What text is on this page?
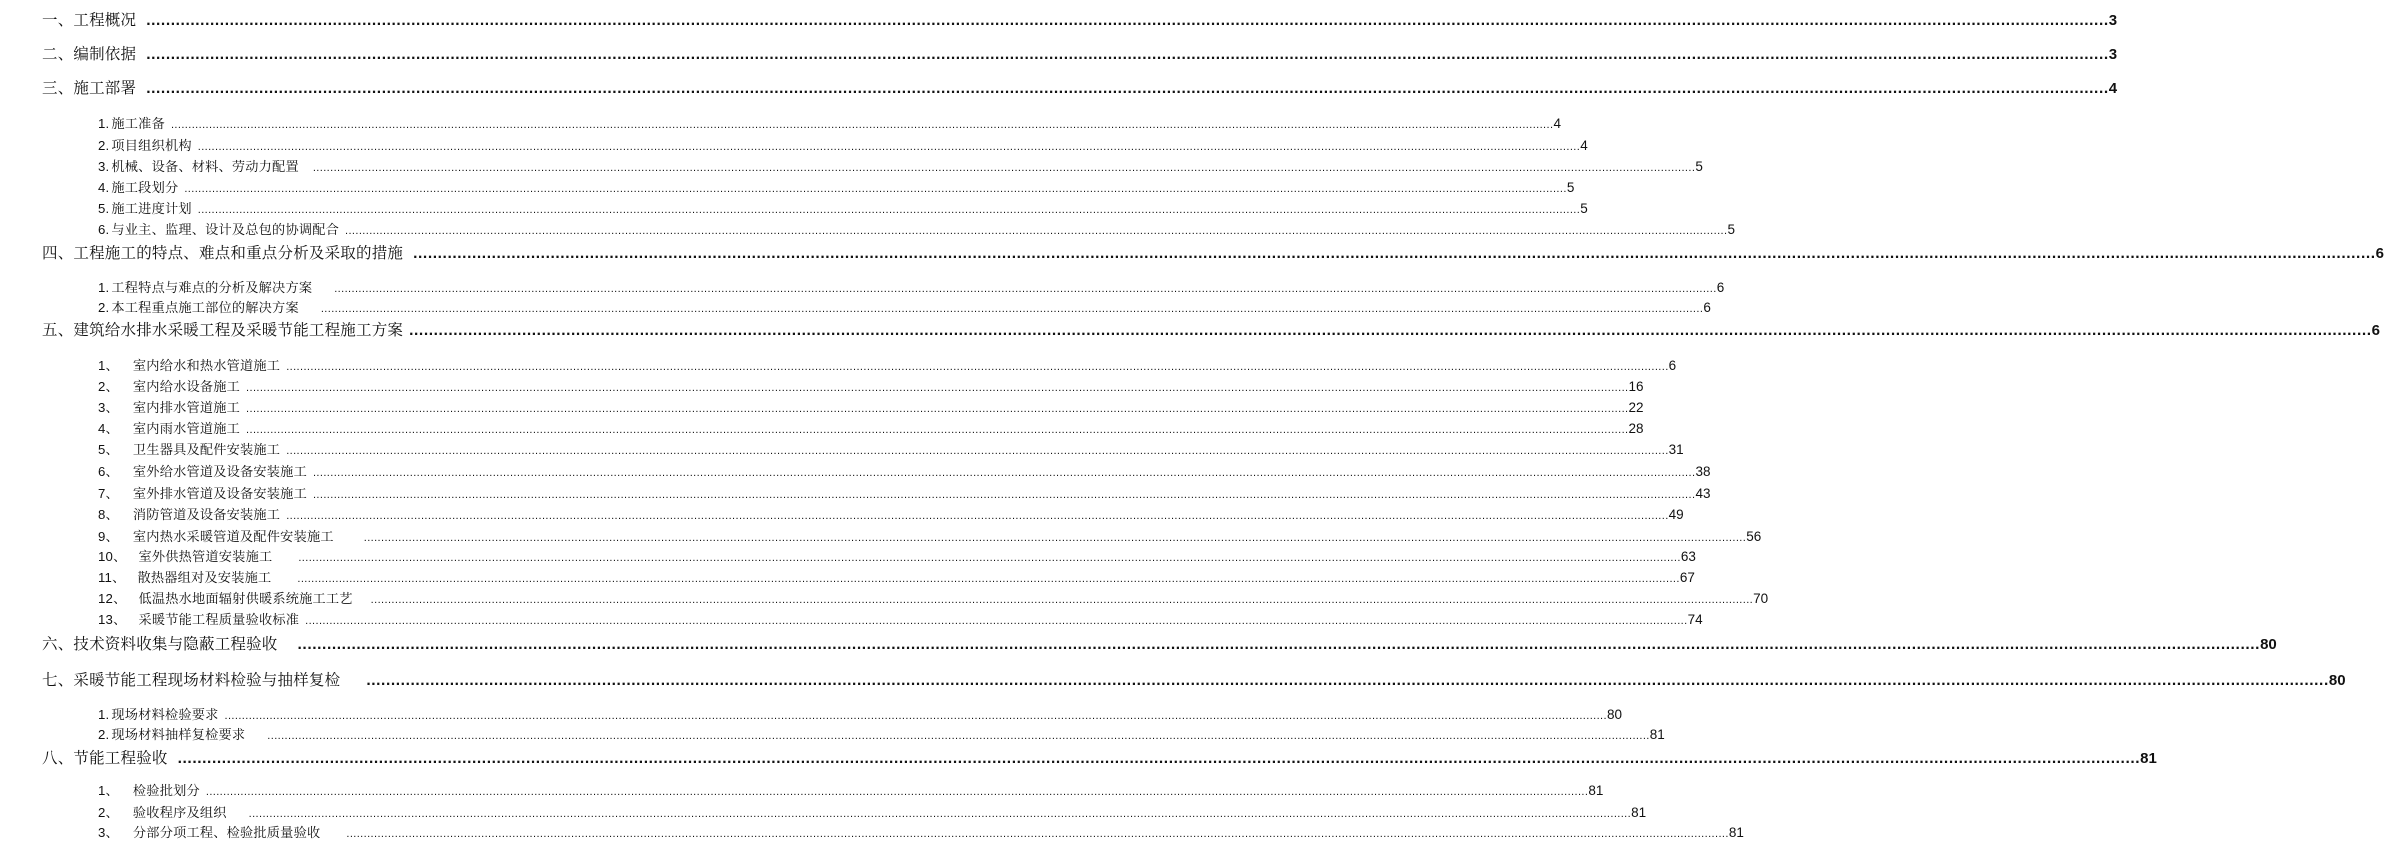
一、工程概况 ................................................................................................................................................................................................................................................................................................................................................................................................................ 3
二、编制依据 ................................................................................................................................................................................................................................................................................................................................................................................................................ 3
三、施工部署 ................................................................................................................................................................................................................................................................................................................................................................................................................ 4
1. 施工准备 ................................................................................................................................................................................................................................................................................................................................................................................................................ 4
2. 项目组织机构 ................................................................................................................................................................................................................................................................................................................................................................................................................ 4
3. 机械、设备、材料、劳动力配置 ................................................................................................................................................................................................................................................................................................................................................................................................................ 5
4. 施工段划分 ................................................................................................................................................................................................................................................................................................................................................................................................................ 5
5. 施工进度计划 ................................................................................................................................................................................................................................................................................................................................................................................................................ 5
6. 与业主、监理、设计及总包的协调配合 ................................................................................................................................................................................................................................................................................................................................................................................................................ 5
四、工程施工的特点、难点和重点分析及采取的措施 ................................................................................................................................................................................................................................................................................................................................................................................................................ 6
1. 工程特点与难点的分析及解决方案 ................................................................................................................................................................................................................................................................................................................................................................................................................ 6
2. 本工程重点施工部位的解决方案 ................................................................................................................................................................................................................................................................................................................................................................................................................ 6
五、建筑给水排水采暖工程及采暖节能工程施工方案 ................................................................................................................................................................................................................................................................................................................................................................................................................ 6
1、 室内给水和热水管道施工 ................................................................................................................................................................................................................................................................................................................................................................................................................ 6
2、 室内给水设备施工 ................................................................................................................................................................................................................................................................................................................................................................................................................ 16
3、 室内排水管道施工 ................................................................................................................................................................................................................................................................................................................................................................................................................ 22
4、 室内雨水管道施工 ................................................................................................................................................................................................................................................................................................................................................................................................................ 28
5、 卫生器具及配件安装施工 ................................................................................................................................................................................................................................................................................................................................................................................................................ 31
6、 室外给水管道及设备安装施工 ................................................................................................................................................................................................................................................................................................................................................................................................................ 38
7、 室外排水管道及设备安装施工 ................................................................................................................................................................................................................................................................................................................................................................................................................ 43
8、 消防管道及设备安装施工 ................................................................................................................................................................................................................................................................................................................................................................................................................ 49
9、 室内热水采暖管道及配件安装施工	................................................................................................................................................................................................................................................................................................................................................................................................................ 56
10、 室外供热管道安装施工 ................................................................................................................................................................................................................................................................................................................................................................................................................ 63
11、 散热器组对及安装施工 ................................................................................................................................................................................................................................................................................................................................................................................................................ 67
12、 低温热水地面辐射供暖系统施工工艺 ................................................................................................................................................................................................................................................................................................................................................................................................................ 70
13、 采暖节能工程质量验收标准 ................................................................................................................................................................................................................................................................................................................................................................................................................ 74
六、技术资料收集与隐蔽工程验收 ................................................................................................................................................................................................................................................................................................................................................................................................................ 80
七、采暖节能工程现场材料检验与抽样复检 ................................................................................................................................................................................................................................................................................................................................................................................................................ 80
1. 现场材料检验要求 ................................................................................................................................................................................................................................................................................................................................................................................................................ 80
2. 现场材料抽样复检要求 ................................................................................................................................................................................................................................................................................................................................................................................................................ 81
八、节能工程验收 ................................................................................................................................................................................................................................................................................................................................................................................................................ 81
1、 检验批划分 ................................................................................................................................................................................................................................................................................................................................................................................................................ 81
2、 验收程序及组织 ................................................................................................................................................................................................................................................................................................................................................................................................................ 81
3、 分部分项工程、检验批质量验收 ................................................................................................................................................................................................................................................................................................................................................................................................................ 81
